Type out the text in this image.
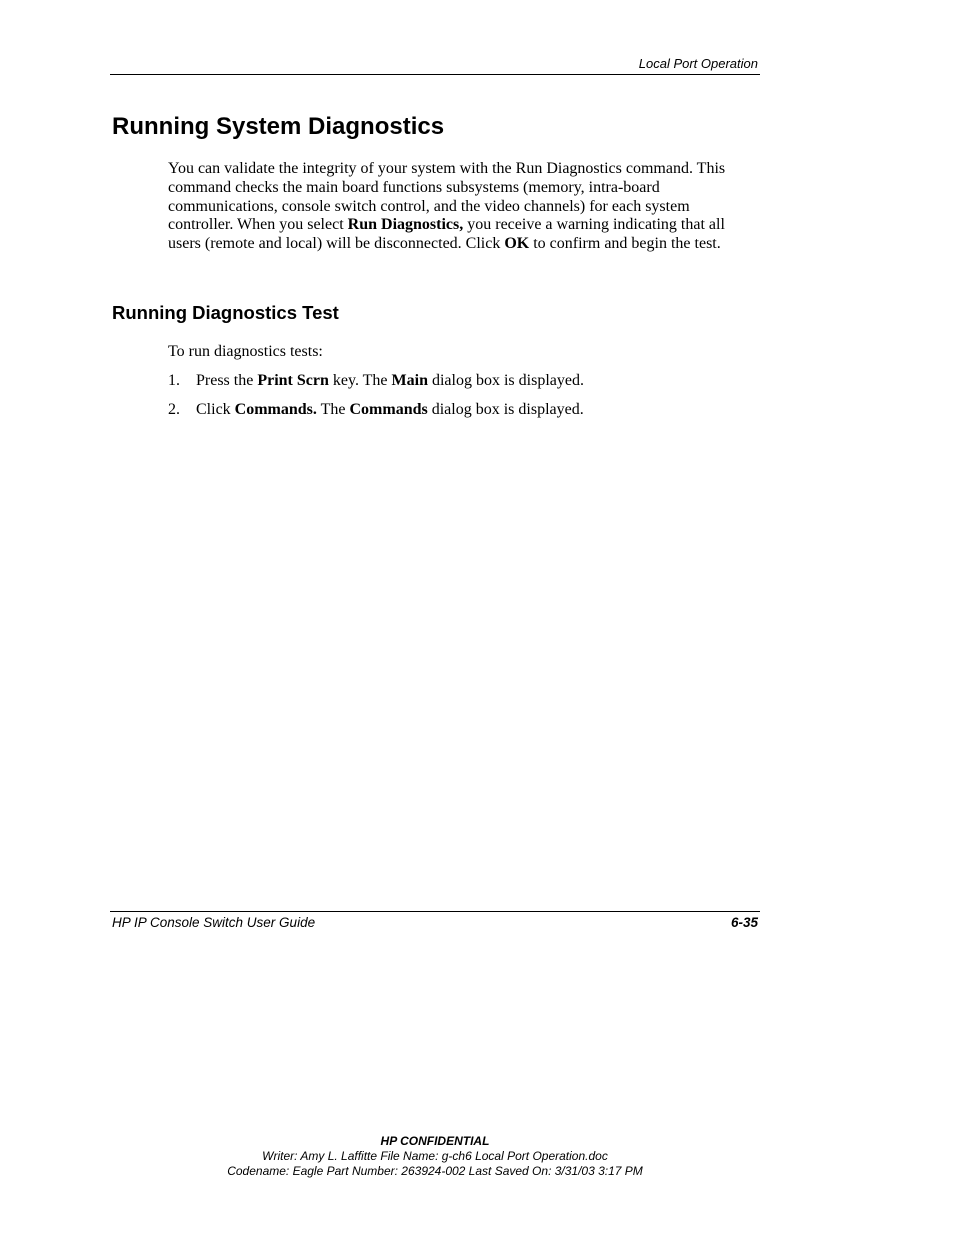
Local Port Operation
Running System Diagnostics

You can validate the integrity of your system with the Run Diagnostics command. This command checks the main board functions subsystems (memory, intra-board communications, console switch control, and the video channels) for each system controller. When you select Run Diagnostics, you receive a warning indicating that all users (remote and local) will be disconnected. Click OK to confirm and begin the test.

Running Diagnostics Test

To run diagnostics tests:

1. Press the Print Scrn key. The Main dialog box is displayed.

2. Click Commands. The Commands dialog box is displayed.

HP IP Console Switch User Guide	6-35
HP CONFIDENTIAL
Writer: Amy L. Laffitte File Name: g-ch6 Local Port Operation.doc
Codename: Eagle Part Number: 263924-002 Last Saved On: 3/31/03 3:17 PM
